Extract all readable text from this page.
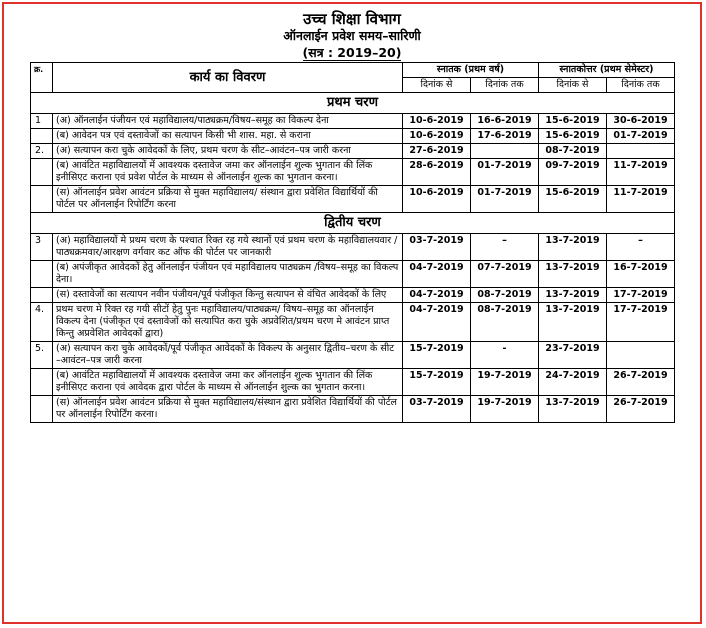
उच्च शिक्षा विभाग
ऑनलाईन प्रवेश समय–सारिणी
(सत्र : 2019–20)
क्र.	कार्य का विवरण	स्नातक (प्रथम वर्ष)		स्नातकोत्तर (प्रथम सेमेस्टर)	
		दिनांक से	दिनांक तक	दिनांक से	दिनांक तक
प्रथम चरण					
1	(अ) ऑनलाईन पंजीयन एवं महाविद्यालय/पाठ्यक्रम/विषय–समूह का विकल्प देना	10-6-2019	16-6-2019	15-6-2019	30-6-2019
	(ब) आवेदन पत्र एवं दस्तावेजों का सत्यापन किसी भी शास. महा. से कराना	10-6-2019	17-6-2019	15-6-2019	01-7-2019
2.	(अ) सत्यापन करा चुके आवेदकों के लिए, प्रथम चरण के सीट–आवंटन–पत्र जारी करना	27-6-2019		08-7-2019	
	(ब) आवंटित महाविद्यालयों में आवश्यक दस्तावेज जमा कर ऑनलाईन शुल्क भुगतान की लिंक इनीसिएट कराना एवं प्रवेश पोर्टल के माध्यम से ऑनलाईन शुल्क का भुगतान करना।	28-6-2019	01-7-2019	09-7-2019	11-7-2019
	(स) ऑनलाईन प्रवेश आवंटन प्रक्रिया से मुक्त महाविद्यालय/ संस्थान द्वारा प्रवेशित विद्यार्थियों की पोर्टल पर ऑनलाईन रिपोर्टिंग करना	10-6-2019	01-7-2019	15-6-2019	11-7-2019
द्वितीय चरण					
3	(अ) महाविद्यालयों मे प्रथम चरण के पश्चात रिक्त रह गये स्थानों एवं प्रथम चरण के महाविद्यालयवार /पाठ्यक्रमवार/आरक्षण वर्गवार कट ऑफ की पोर्टल पर जानकारी	03-7-2019	–	13-7-2019	–
	(ब) अपंजीकृत आवेदकों हेतु ऑनलाईन पंजीयन एवं महाविद्यालय पाठ्यक्रम /विषय–समूह का विकल्प देना।	04-7-2019	07-7-2019	13-7-2019	16-7-2019
	(स) दस्तावेजों का सत्यापन नवीन पंजीयन/पूर्व पंजीकृत किन्तु सत्यापन से वंचित आवेदकों के लिए	04-7-2019	08-7-2019	13-7-2019	17-7-2019
4.	प्रथम चरण मे रिक्त रह गयी सीटों हेतु पुनः महाविद्यालय/पाठ्यक्रम/ विषय–समूह का ऑनलाईन विकल्प देना (पंजीकृत एवं दस्तावेजों को सत्यापित करा चुके अप्रवेशित/प्रथम चरण मे आवंटन प्राप्त किन्तु अप्रवेशित आवेदकों द्वारा)	04-7-2019	08-7-2019	13-7-2019	17-7-2019
5.	(अ) सत्यापन करा चुके आवेदकों/पूर्व पंजीकृत आवेदकों के विकल्प के अनुसार द्वितीय–चरण के सीट –आवंटन–पत्र जारी करना	15-7-2019	-	23-7-2019	
	(ब) आवंटित महाविद्यालयों में आवश्यक दस्तावेज जमा कर ऑनलाईन शुल्क भुगतान की लिंक इनीसिएट कराना एवं आवेदक द्वारा पोर्टल के माध्यम से ऑनलाईन शुल्क का भुगतान करना।	15-7-2019	19-7-2019	24-7-2019	26-7-2019
	(स) ऑनलाईन प्रवेश आवंटन प्रक्रिया से मुक्त महाविद्यालय/संस्थान द्वारा प्रवेशित विद्यार्थियों की पोर्टल पर ऑनलाईन रिपोर्टिंग करना।	03-7-2019	19-7-2019	13-7-2019	26-7-2019
